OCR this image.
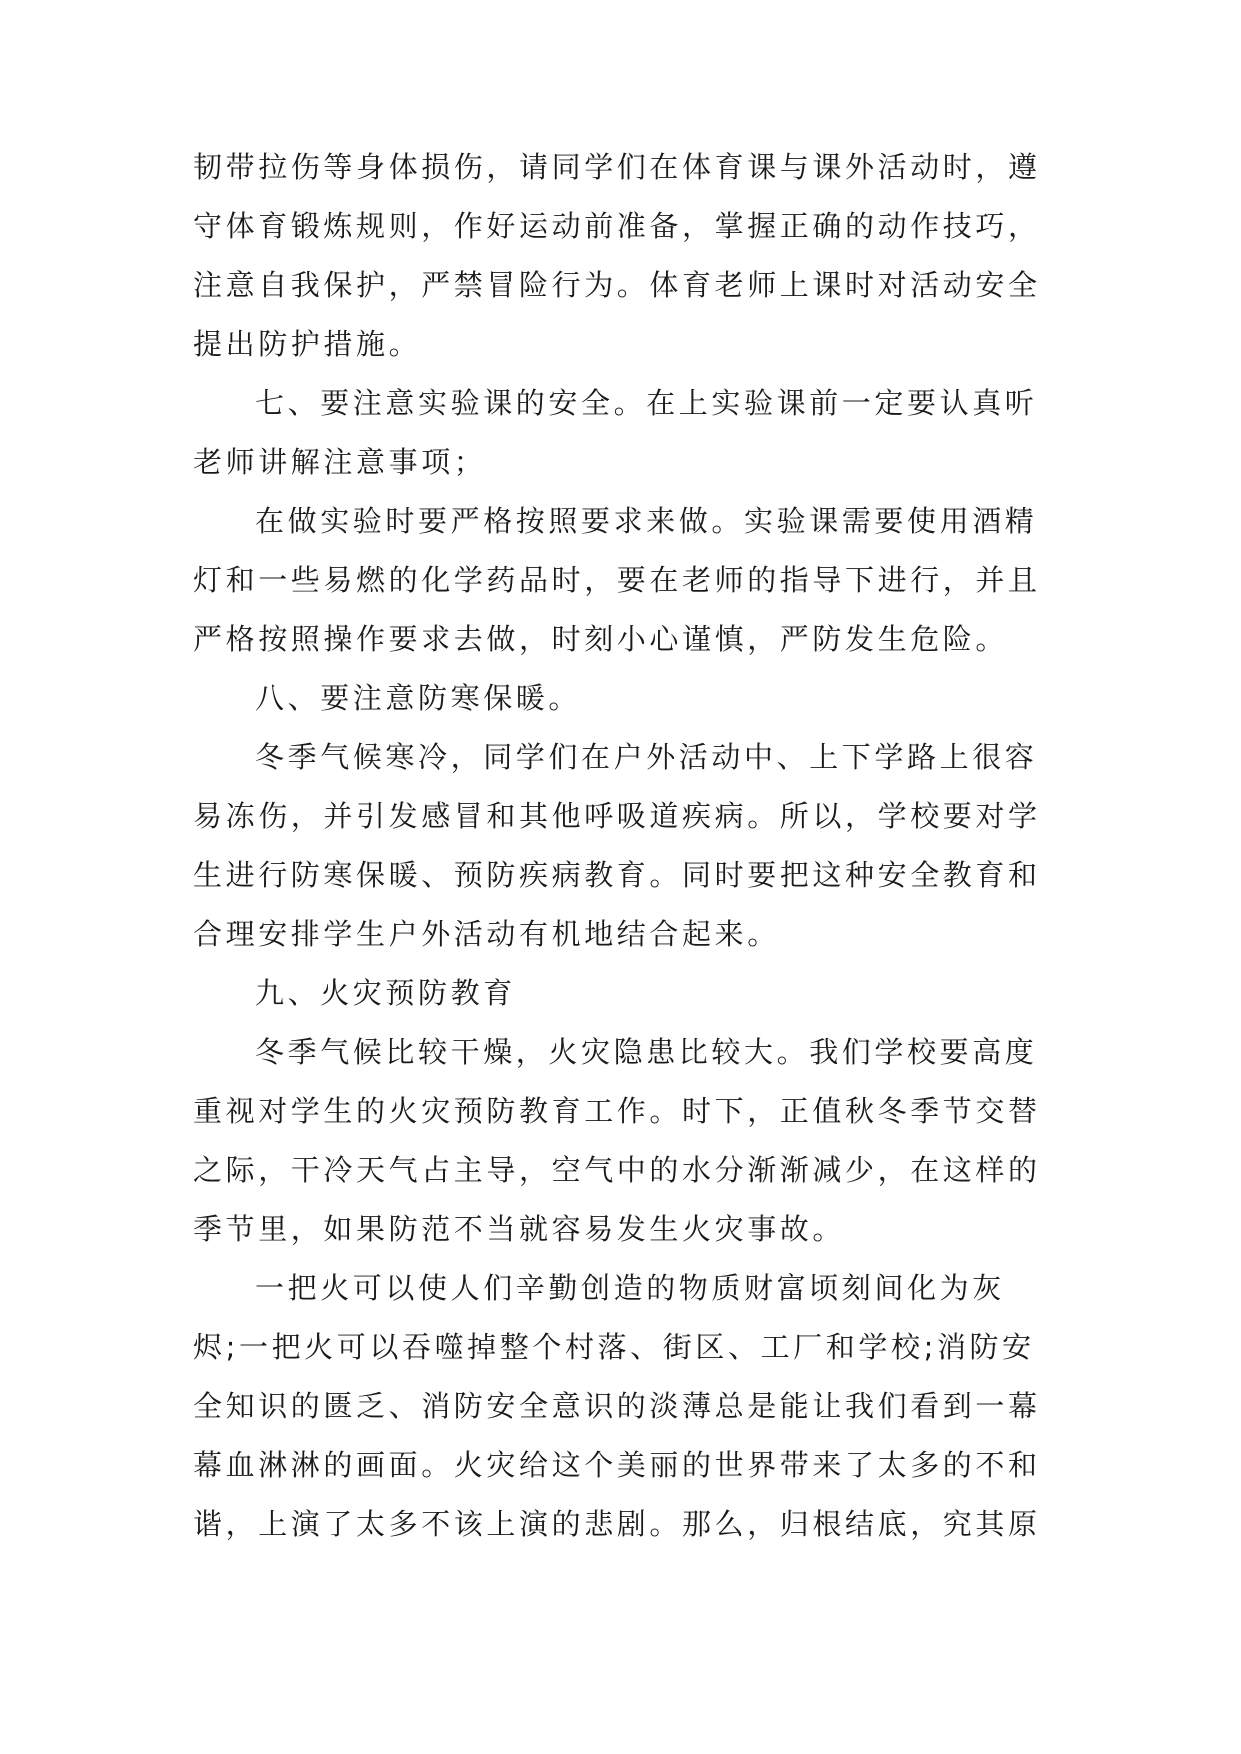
韧带拉伤等身体损伤，请同学们在体育课与课外活动时，遵

守体育锻炼规则，作好运动前准备，掌握正确的动作技巧，

注意自我保护，严禁冒险行为。体育老师上课时对活动安全

提出防护措施。

七、要注意实验课的安全。在上实验课前一定要认真听

老师讲解注意事项；

在做实验时要严格按照要求来做。实验课需要使用酒精

灯和一些易燃的化学药品时，要在老师的指导下进行，并且

严格按照操作要求去做，时刻小心谨慎，严防发生危险。

八、要注意防寒保暖。

冬季气候寒冷，同学们在户外活动中、上下学路上很容

易冻伤，并引发感冒和其他呼吸道疾病。所以，学校要对学

生进行防寒保暖、预防疾病教育。同时要把这种安全教育和

合理安排学生户外活动有机地结合起来。

九、火灾预防教育

冬季气候比较干燥，火灾隐患比较大。我们学校要高度

重视对学生的火灾预防教育工作。时下，正值秋冬季节交替

之际，干冷天气占主导，空气中的水分渐渐减少，在这样的

季节里，如果防范不当就容易发生火灾事故。

一把火可以使人们辛勤创造的物质财富顷刻间化为灰

烬;一把火可以吞噬掉整个村落、街区、工厂和学校;消防安

全知识的匮乏、消防安全意识的淡薄总是能让我们看到一幕

幕血淋淋的画面。火灾给这个美丽的世界带来了太多的不和

谐，上演了太多不该上演的悲剧。那么，归根结底，究其原
